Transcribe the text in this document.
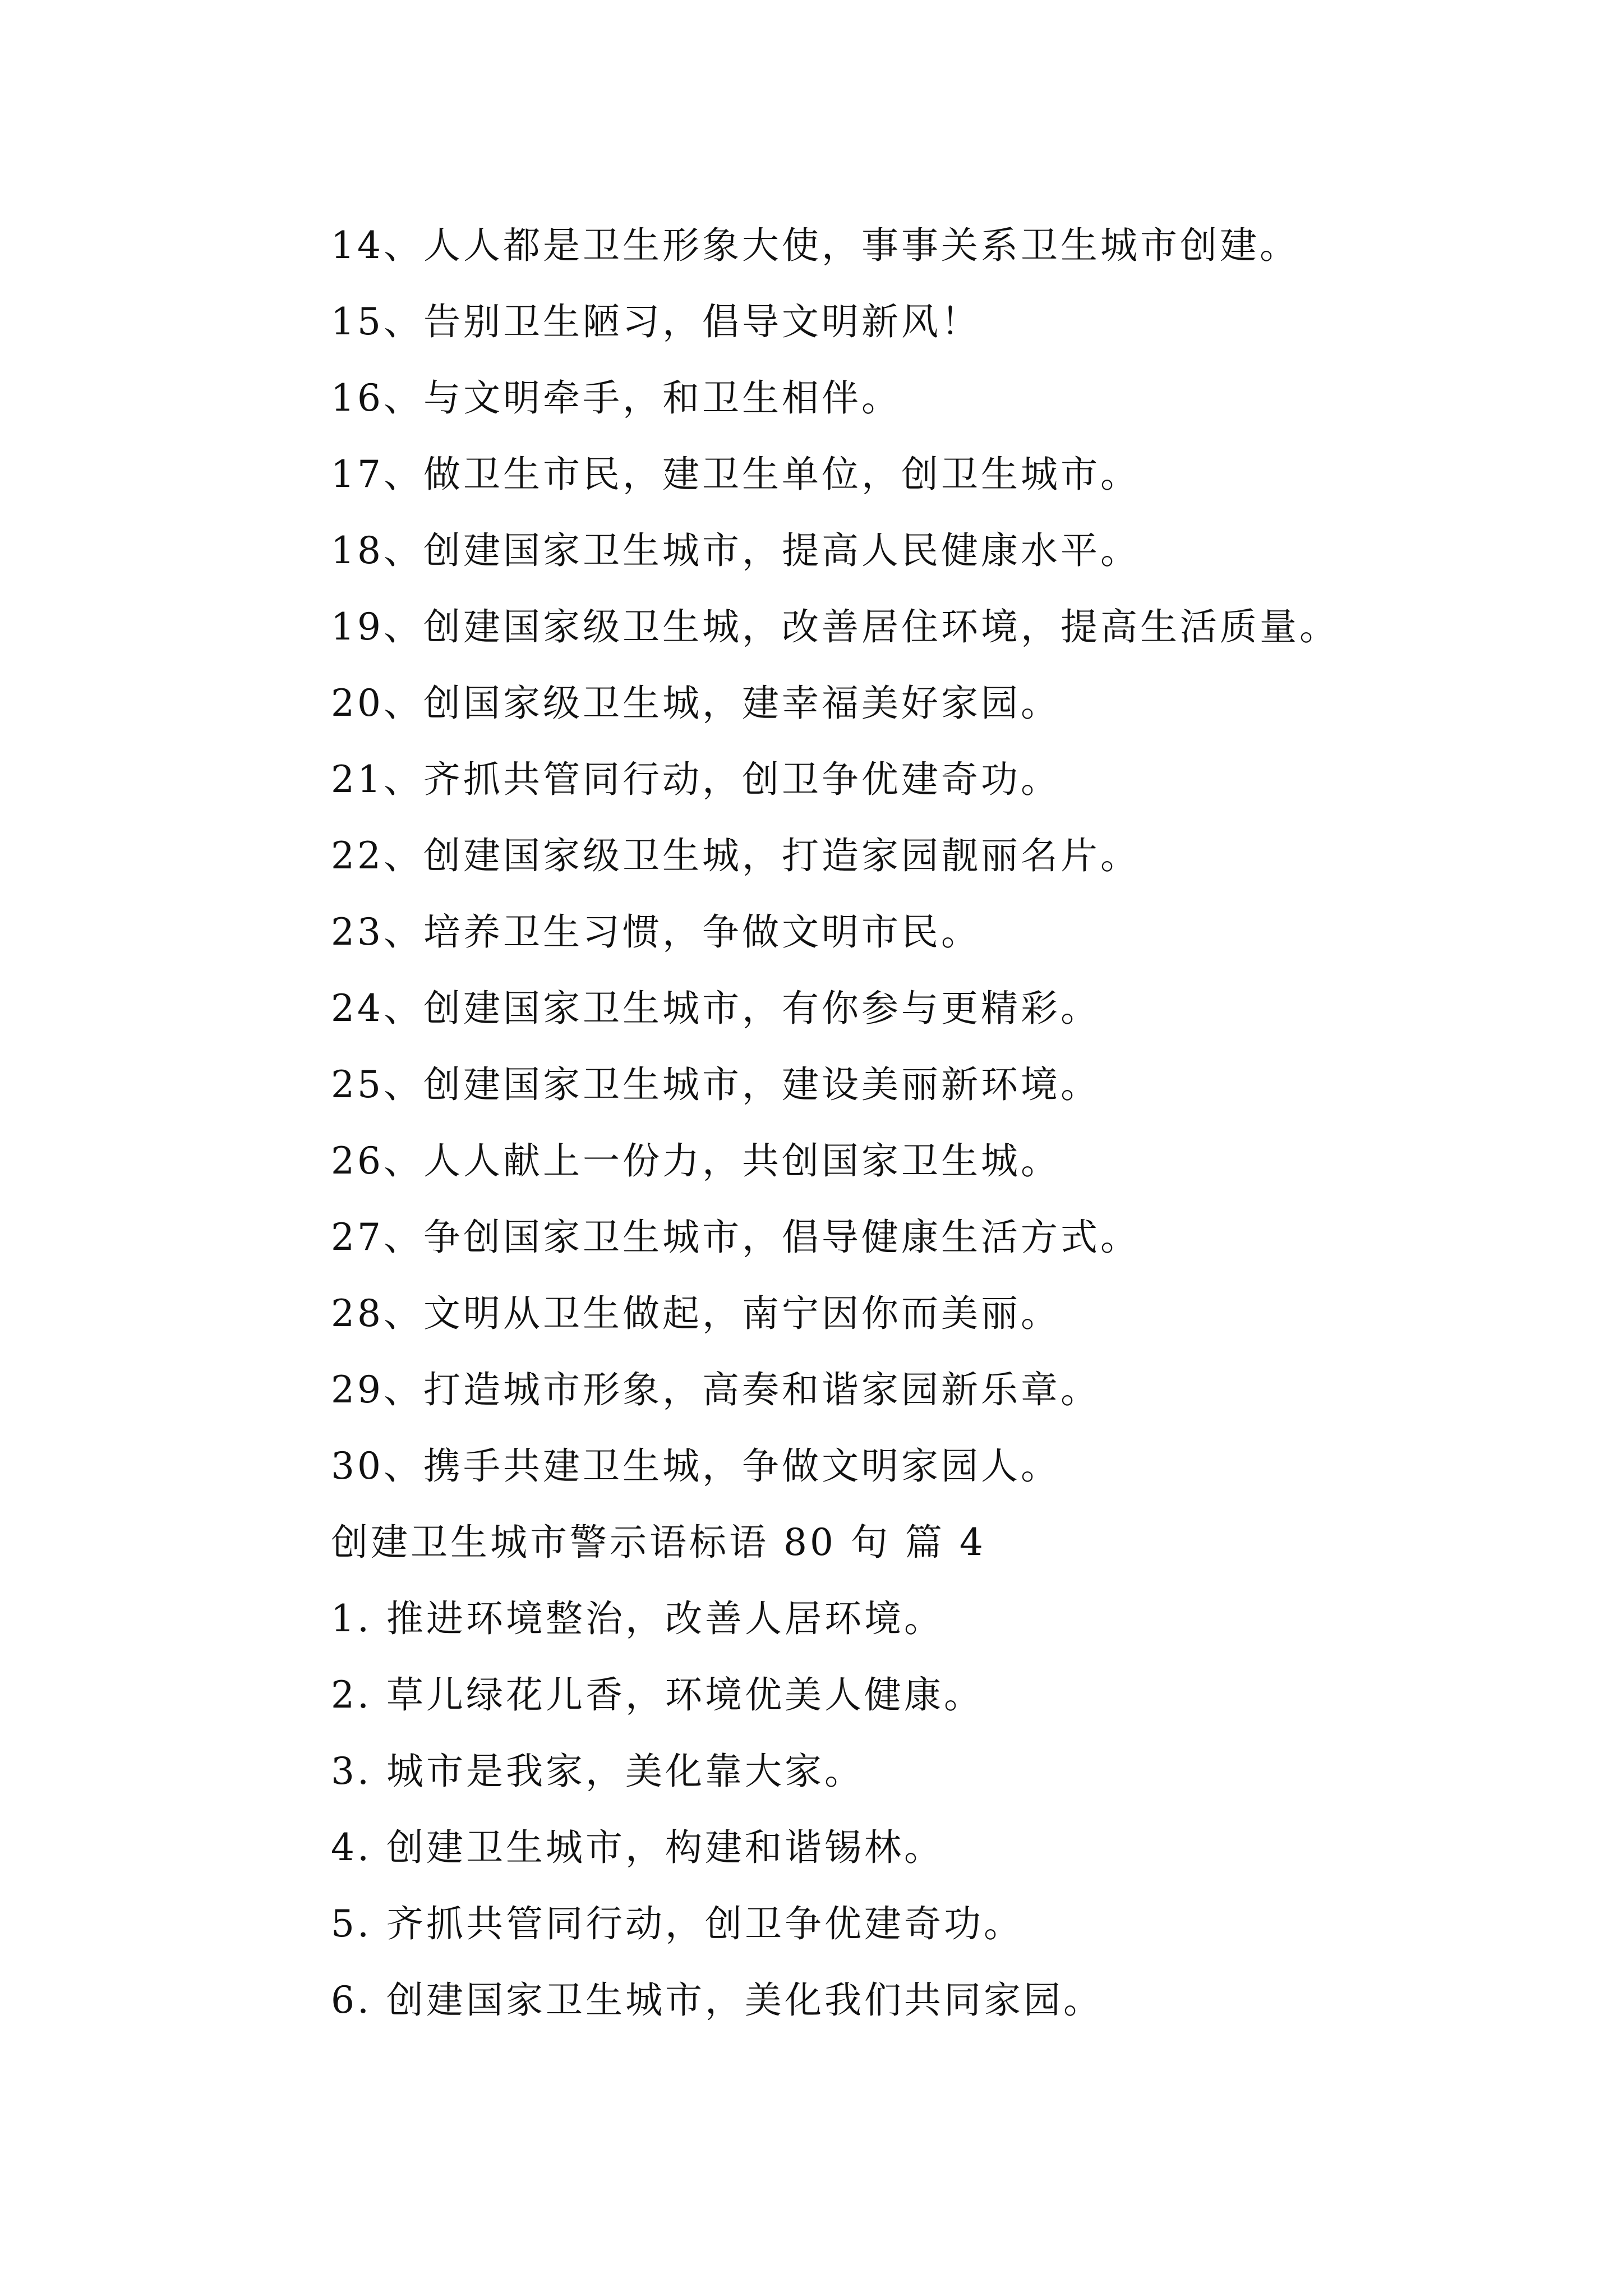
14、人人都是卫生形象大使，事事关系卫生城市创建。
15、告别卫生陋习，倡导文明新风！
16、与文明牵手，和卫生相伴。
17、做卫生市民，建卫生单位，创卫生城市。
18、创建国家卫生城市，提高人民健康水平。
19、创建国家级卫生城，改善居住环境，提高生活质量。
20、创国家级卫生城，建幸福美好家园。
21、齐抓共管同行动，创卫争优建奇功。
22、创建国家级卫生城，打造家园靓丽名片。
23、培养卫生习惯，争做文明市民。
24、创建国家卫生城市，有你参与更精彩。
25、创建国家卫生城市，建设美丽新环境。
26、人人献上一份力，共创国家卫生城。
27、争创国家卫生城市，倡导健康生活方式。
28、文明从卫生做起，南宁因你而美丽。
29、打造城市形象，高奏和谐家园新乐章。
30、携手共建卫生城，争做文明家园人。
创建卫生城市警示语标语 80 句 篇 4
1. 推进环境整治，改善人居环境。
2. 草儿绿花儿香，环境优美人健康。
3. 城市是我家，美化靠大家。
4. 创建卫生城市，构建和谐锡林。
5. 齐抓共管同行动，创卫争优建奇功。
6. 创建国家卫生城市，美化我们共同家园。
